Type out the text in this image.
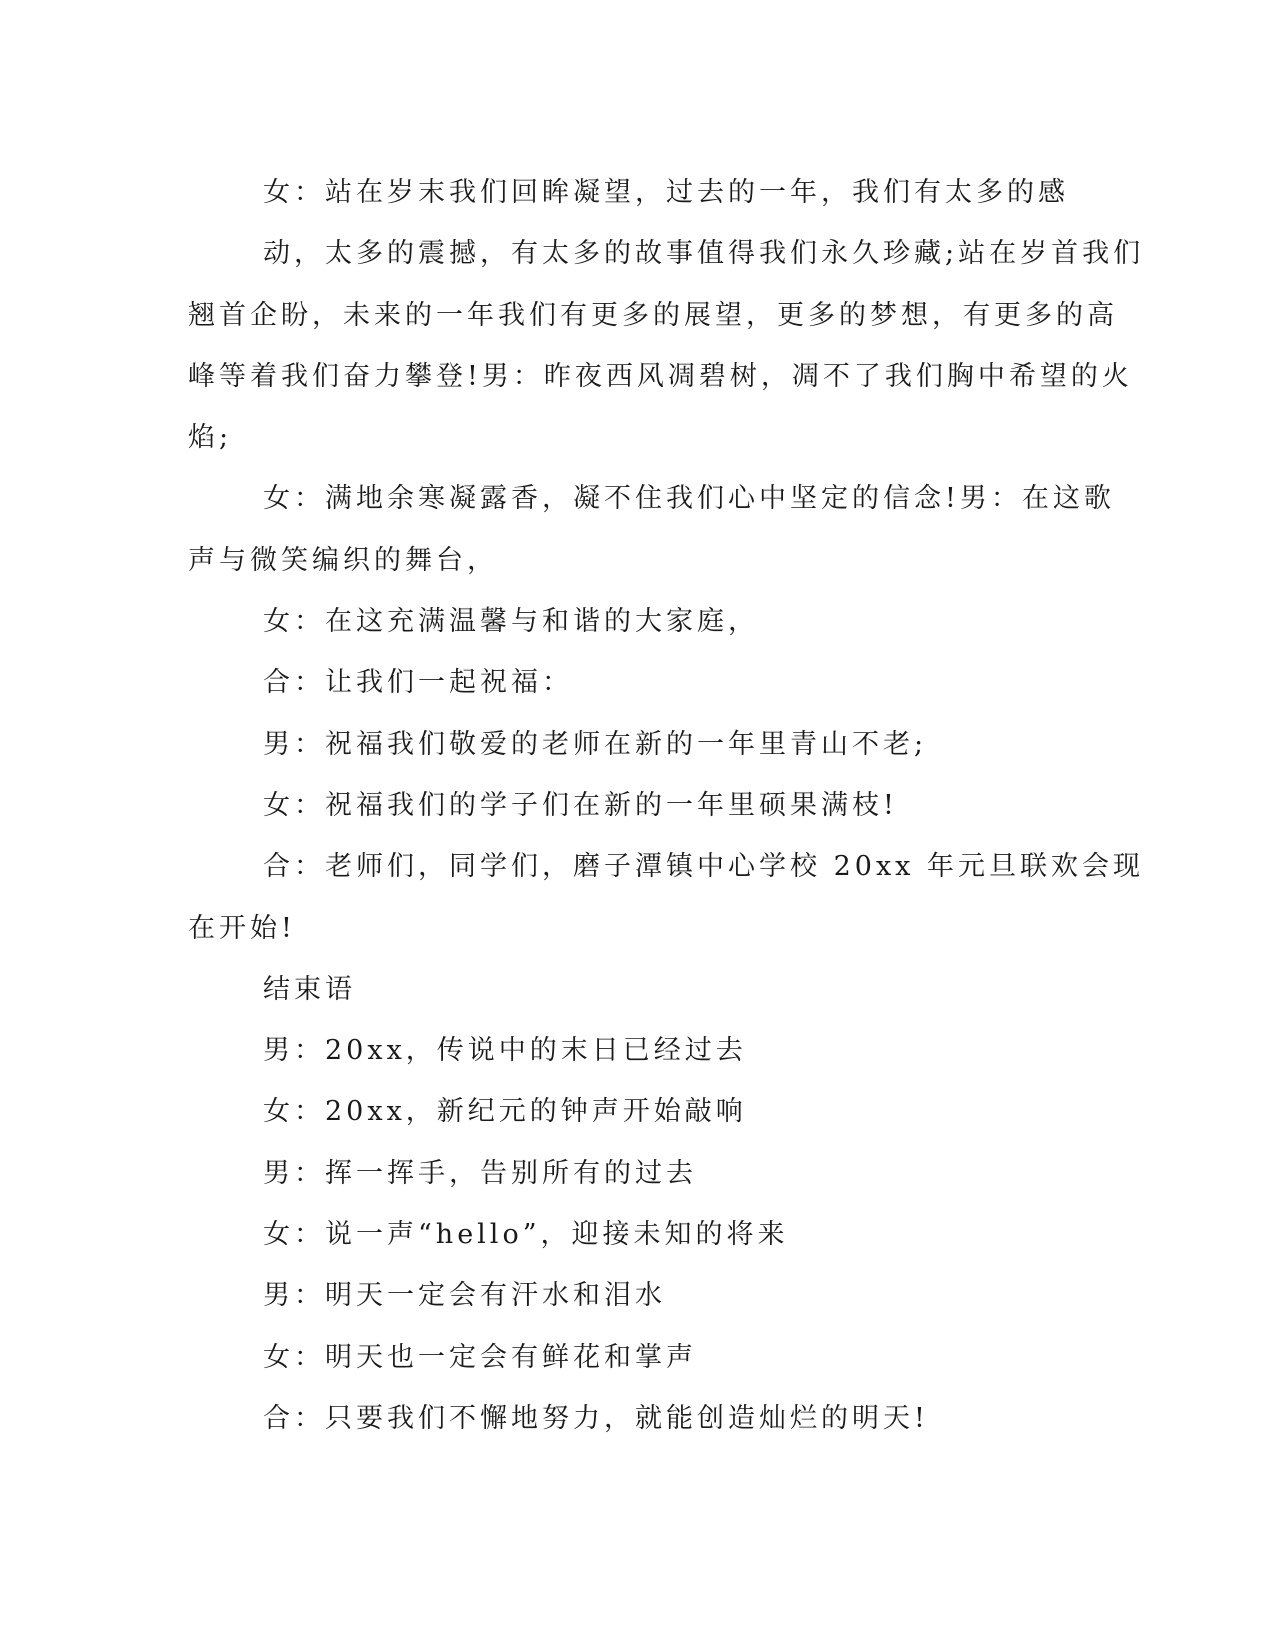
女：站在岁末我们回眸凝望，过去的一年，我们有太多的感

动，太多的震撼，有太多的故事值得我们永久珍藏;站在岁首我们

翘首企盼，未来的一年我们有更多的展望，更多的梦想，有更多的高

峰等着我们奋力攀登!男：昨夜西风凋碧树，凋不了我们胸中希望的火

焰;

女：满地余寒凝露香，凝不住我们心中坚定的信念!男：在这歌

声与微笑编织的舞台，

女：在这充满温馨与和谐的大家庭，

合：让我们一起祝福：

男：祝福我们敬爱的老师在新的一年里青山不老;

女：祝福我们的学子们在新的一年里硕果满枝!

合：老师们，同学们，磨子潭镇中心学校 20xx 年元旦联欢会现

在开始!

结束语

男：20xx，传说中的末日已经过去

女：20xx，新纪元的钟声开始敲响

男：挥一挥手，告别所有的过去

女：说一声“hello”，迎接未知的将来

男：明天一定会有汗水和泪水

女：明天也一定会有鲜花和掌声

合：只要我们不懈地努力，就能创造灿烂的明天!
